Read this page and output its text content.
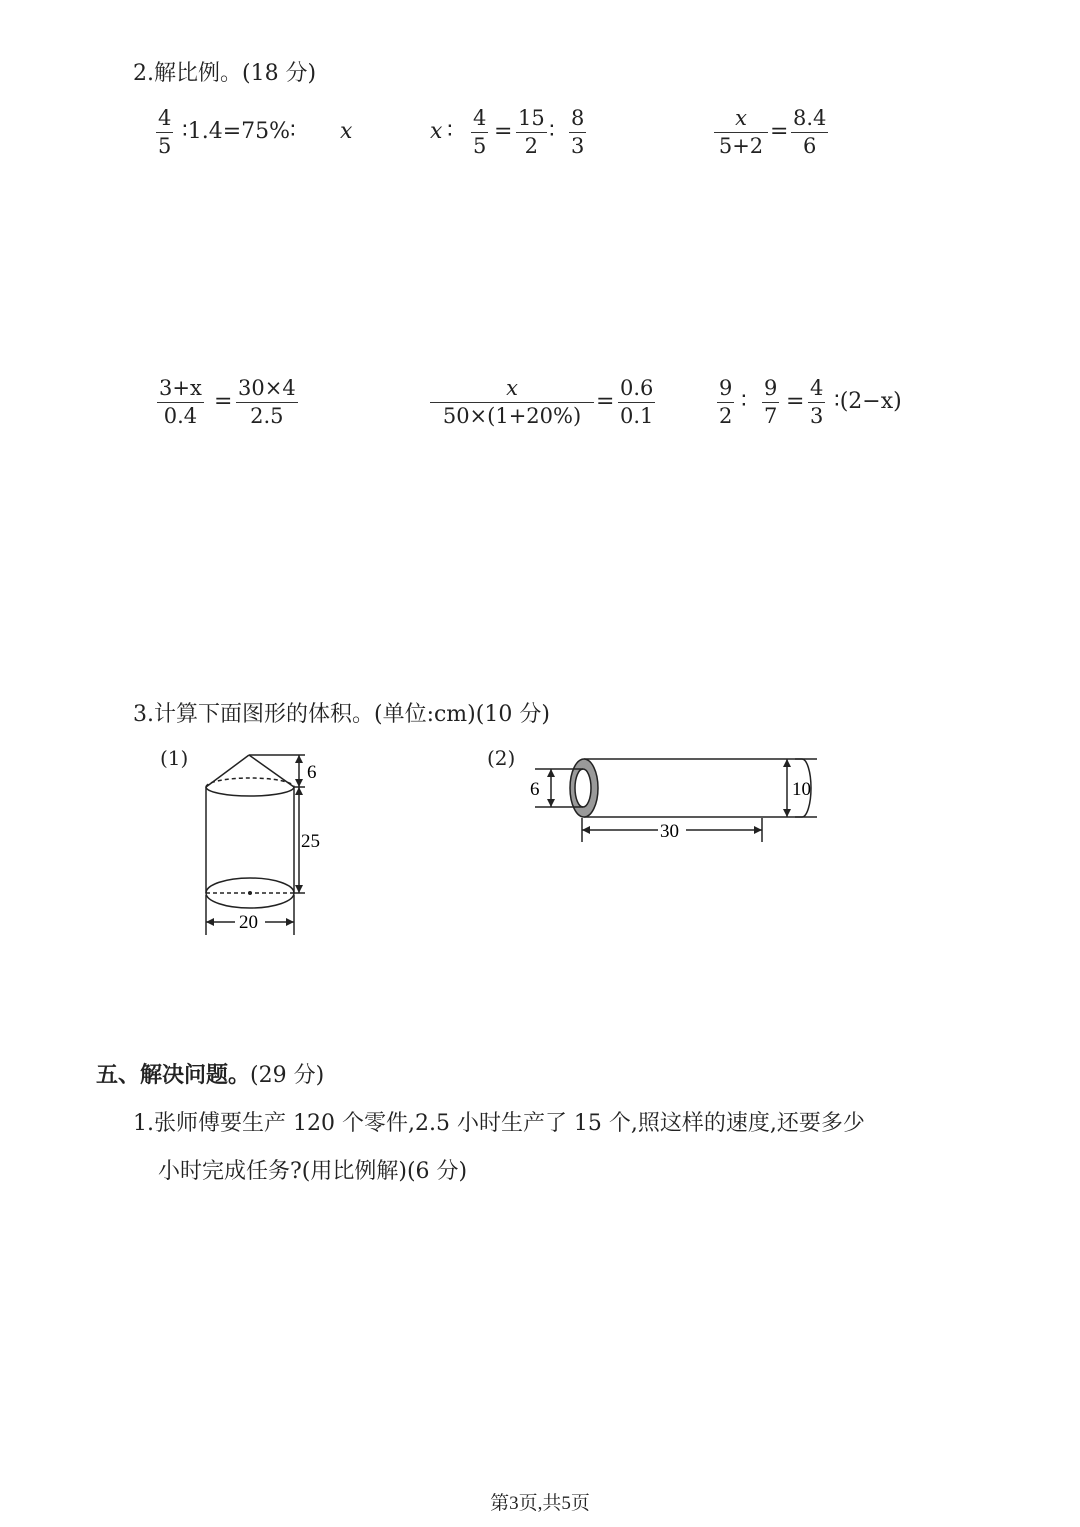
2.解比例。(18 分)
$\frac{4}{5}$ ∶1.4=75%∶ x	x ∶ $\frac{4}{5} = \frac{15}{2}$ ∶ $\frac{8}{3}$	$\frac{x}{5+2} = \frac{8.4}{6}$
$\frac{3+x}{0.4} = \frac{30\times 4}{2.5}$	$\frac{x}{50\times(1+20\%)} = \frac{0.6}{0.1}$	$\frac{9}{2}$ ∶ $\frac{9}{7} = \frac{4}{3}$ ∶(2−x)
3.计算下面图形的体积。(单位:cm)(10 分)
(1)	(2)
6
25
20
6
30
10
五、解决问题。(29 分)
1.张师傅要生产 120 个零件,2.5 小时生产了 15 个,照这样的速度,还要多少
小时完成任务?(用比例解)(6 分)
第3页,共5页
